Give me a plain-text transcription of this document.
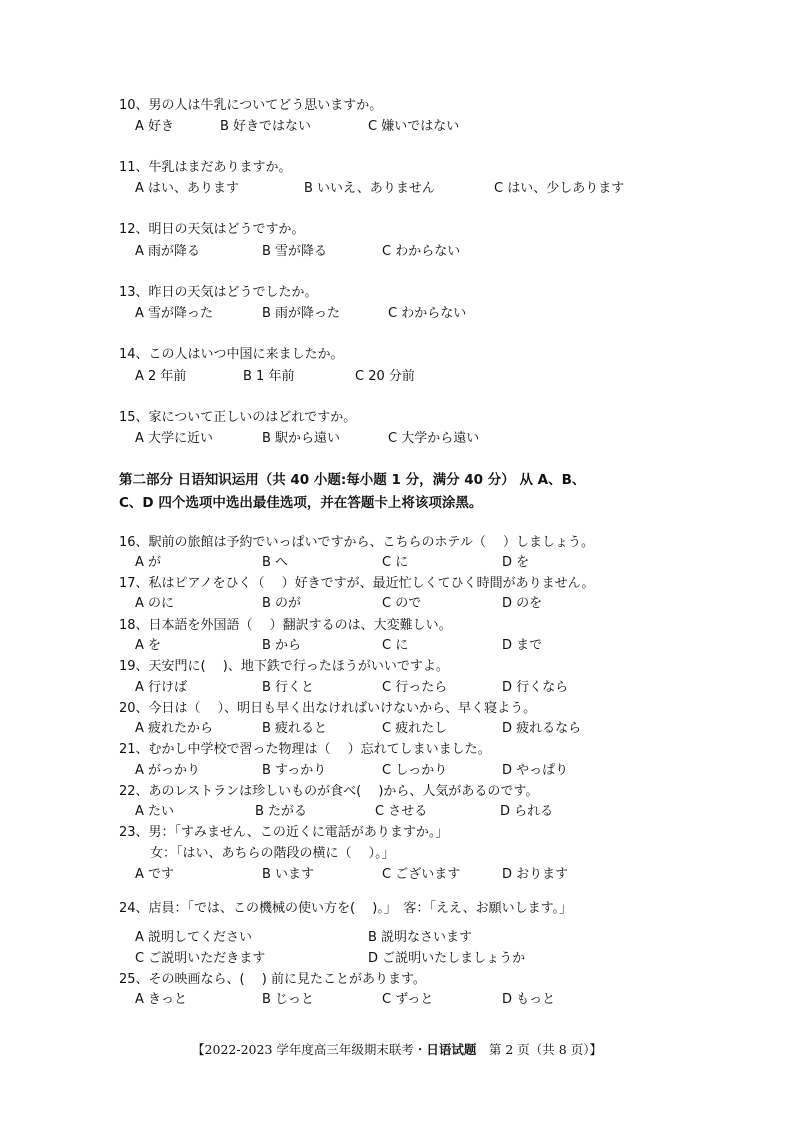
10、男の人は牛乳についてどう思いますか。
A 好き	B 好きではない	C 嫌いではない
11、牛乳はまだありますか。
A はい、あります	B いいえ、ありません	C はい、少しあります
12、明日の天気はどうですか。
A 雨が降る	B 雪が降る	C わからない
13、昨日の天気はどうでしたか。
A 雪が降った	B 雨が降った	C わからない
14、この人はいつ中国に来ましたか。
A 2 年前	B 1 年前	C 20 分前
15、家について正しいのはどれですか。
A 大学に近い	B 駅から遠い	C 大学から遠い
第二部分 日语知识运用（共 40 小题:每小题 1 分，满分 40 分） 从 A、B、
C、D 四个选项中选出最佳选项，并在答题卡上将该项涂黑。
16、駅前の旅館は予約でいっぱいですから、こちらのホテル（　 ）しましょう。
A が	B へ	C に	D を
17、私はピアノをひく（　 ）好きですが、最近忙しくてひく時間がありません。
A のに	B のが	C ので	D のを
18、日本語を外国語（　 ）翻訳するのは、大変難しい。
A を	B から	C に	D まで
19、天安門に(　 )、地下鉄で行ったほうがいいですよ。
A 行けば	B 行くと	C 行ったら	D 行くなら
20、今日は（　 ）、明日も早く出なければいけないから、早く寝よう。
A 疲れたから	B 疲れると	C 疲れたし	D 疲れるなら
21、むかし中学校で習った物理は（　 ）忘れてしまいました。
A がっかり	B すっかり	C しっかり	D やっぱり
22、あのレストランは珍しいものが食べ(　 )から、人気があるのです。
A たい	B たがる	C させる	D られる
23、男：「すみません、この近くに電話がありますか。」
女：「はい、あちらの階段の横に（　 ）。」
A です	B います	C ございます	D おります
24、店員：「では、この機械の使い方を(　 )。」　客：「ええ、お願いします。」
A 説明してください	B 説明なさいます
C ご説明いただきます	D ご説明いたしましょうか
25、その映画なら、(　 ) 前に見たことがあります。
A きっと	B じっと	C ずっと	D もっと
【2022-2023 学年度高三年级期末联考・日语试题　第 2 页（共 8 页）】
